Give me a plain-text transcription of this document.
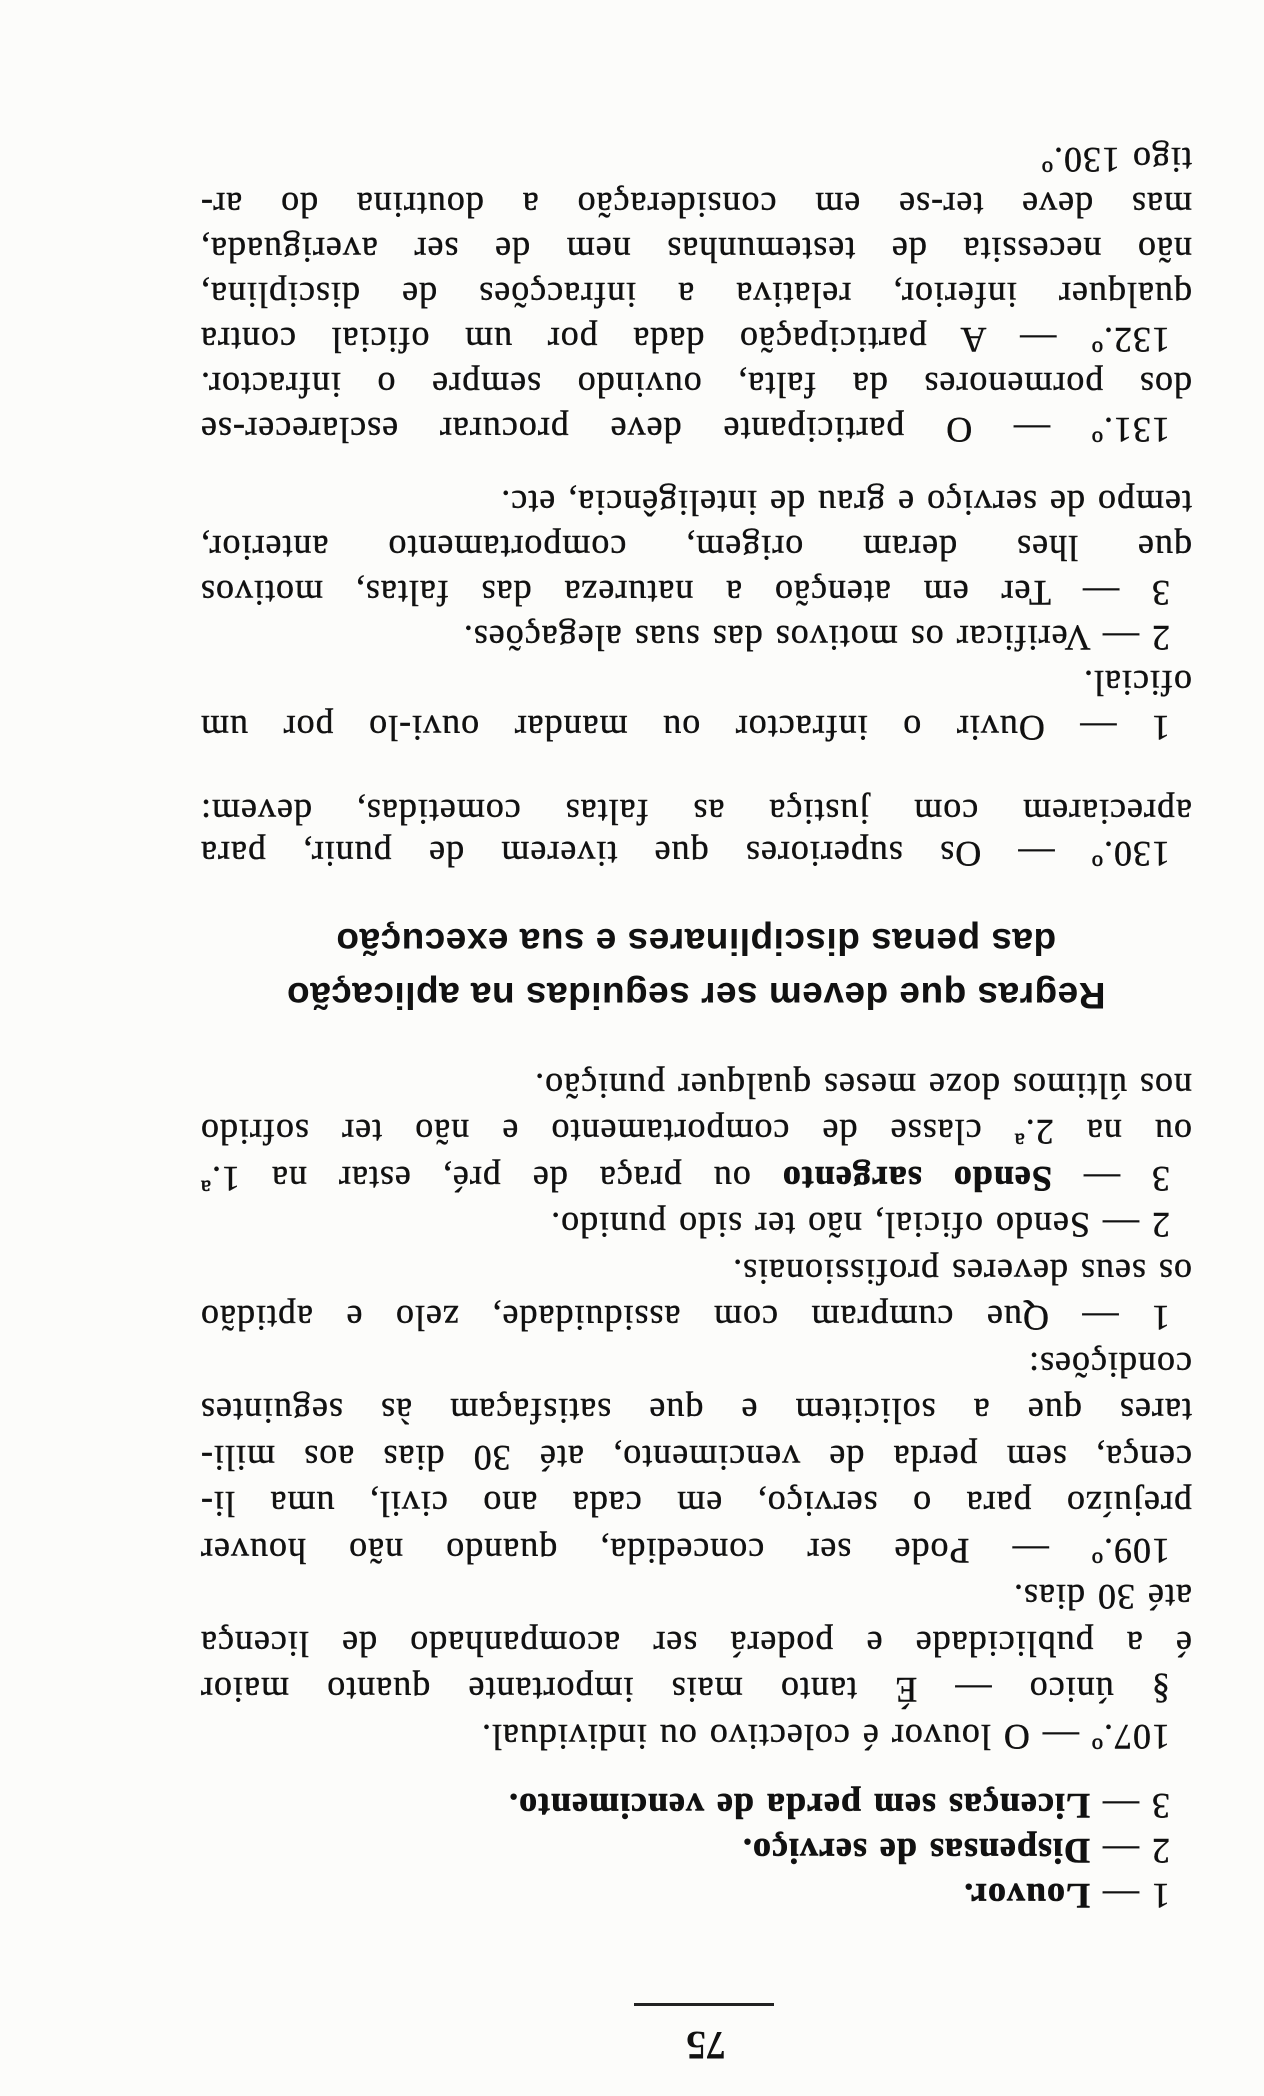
75
1 — Louvor.
2 — Dispensas de serviço.
3 — Licenças sem perda de vencimento.
107.º — O louvor é colectivo ou individual.
§ único — É tanto mais importante quanto maior
é a publicidade e poderá ser acompanhado de licença
até 30 dias.
109.º — Pode ser concedida, quando não houver
prejuízo para o serviço, em cada ano civil, uma li-
cença, sem perda de vencimento, até 30 dias aos mili-
tares que a solicitem e que satisfaçam às seguintes
condições:
1 — Que cumpram com assiduidade, zelo e aptidão
os seus deveres profissionais.
2 — Sendo oficial, não ter sido punido.
3 — Sendo sargento ou praça de pré, estar na 1.ª
ou na 2.ª classe de comportamento e não ter sofrido
nos últimos doze meses qualquer punição.
Regras que devem ser seguidas na aplicação
das penas disciplinares e sua execução
130.º — Os superiores que tiverem de punir, para
apreciarem com justiça as faltas cometidas, devem:
1 — Ouvir o infractor ou mandar ouvi-lo por um
oficial.
2 — Verificar os motivos das suas alegações.
3 — Ter em atenção a natureza das faltas, motivos
que lhes deram origem, comportamento anterior,
tempo de serviço e grau de inteligência, etc.
131.º — O participante deve procurar esclarecer-se
dos pormenores da falta, ouvindo sempre o infractor.
132.º — A participação dada por um oficial contra
qualquer inferior, relativa a infracções de disciplina,
não necessita de testemunhas nem de ser averiguada,
mas deve ter-se em consideração a doutrina do ar-
tigo 130.º
